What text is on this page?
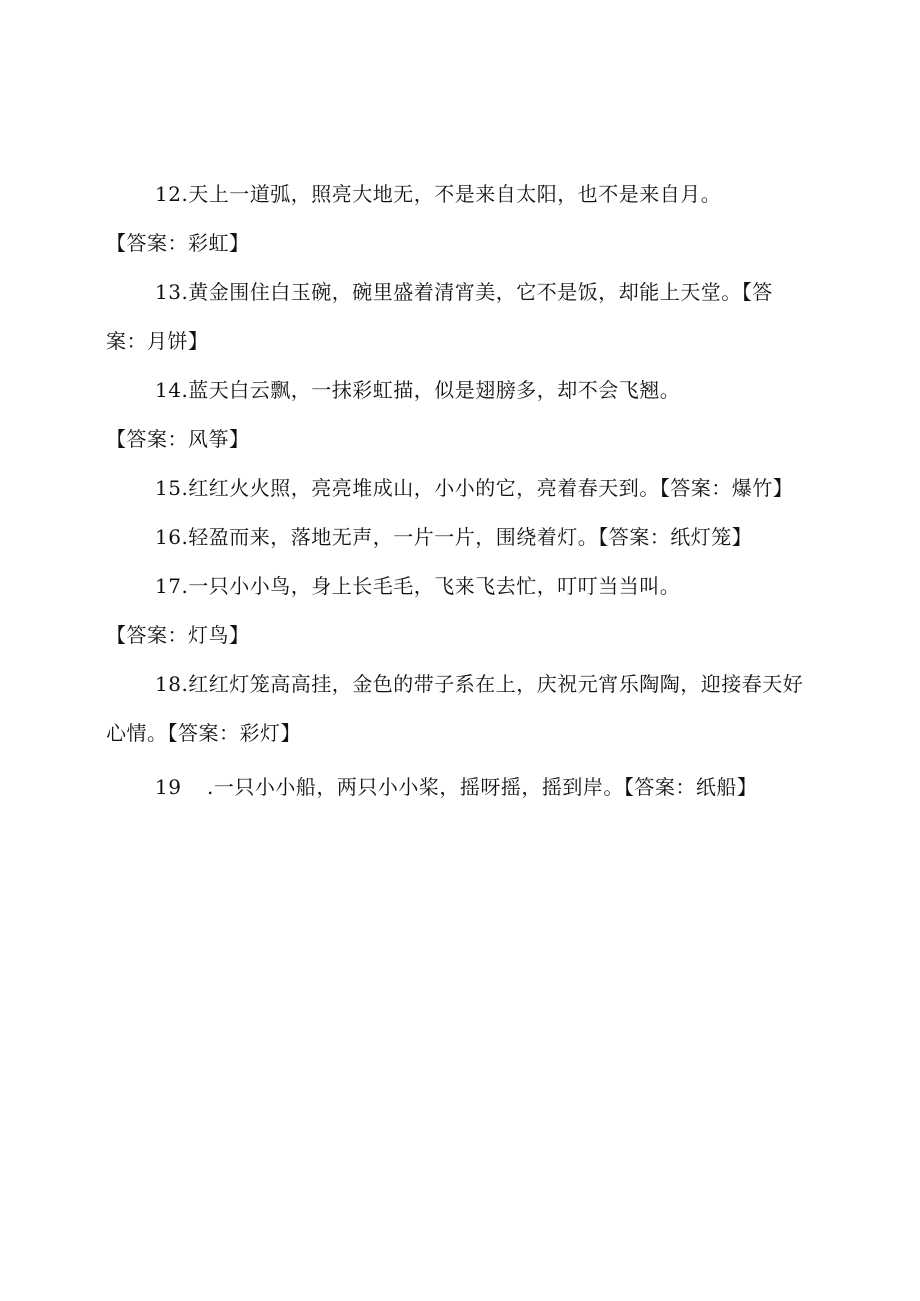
12.天上一道弧，照亮大地无，不是来自太阳，也不是来自月。
【答案：彩虹】
13.黄金围住白玉碗，碗里盛着清宵美，它不是饭，却能上天堂。【答
案：月饼】
14.蓝天白云飘，一抹彩虹描，似是翅膀多，却不会飞翘。
【答案：风筝】
15.红红火火照，亮亮堆成山，小小的它，亮着春天到。【答案：爆竹】
16.轻盈而来，落地无声，一片一片，围绕着灯。【答案：纸灯笼】
17.一只小小鸟，身上长毛毛，飞来飞去忙，叮叮当当叫。
【答案：灯鸟】
18.红红灯笼高高挂，金色的带子系在上，庆祝元宵乐陶陶，迎接春天好
心情。【答案：彩灯】
19 .一只小小船，两只小小桨，摇呀摇，摇到岸。【答案：纸船】
